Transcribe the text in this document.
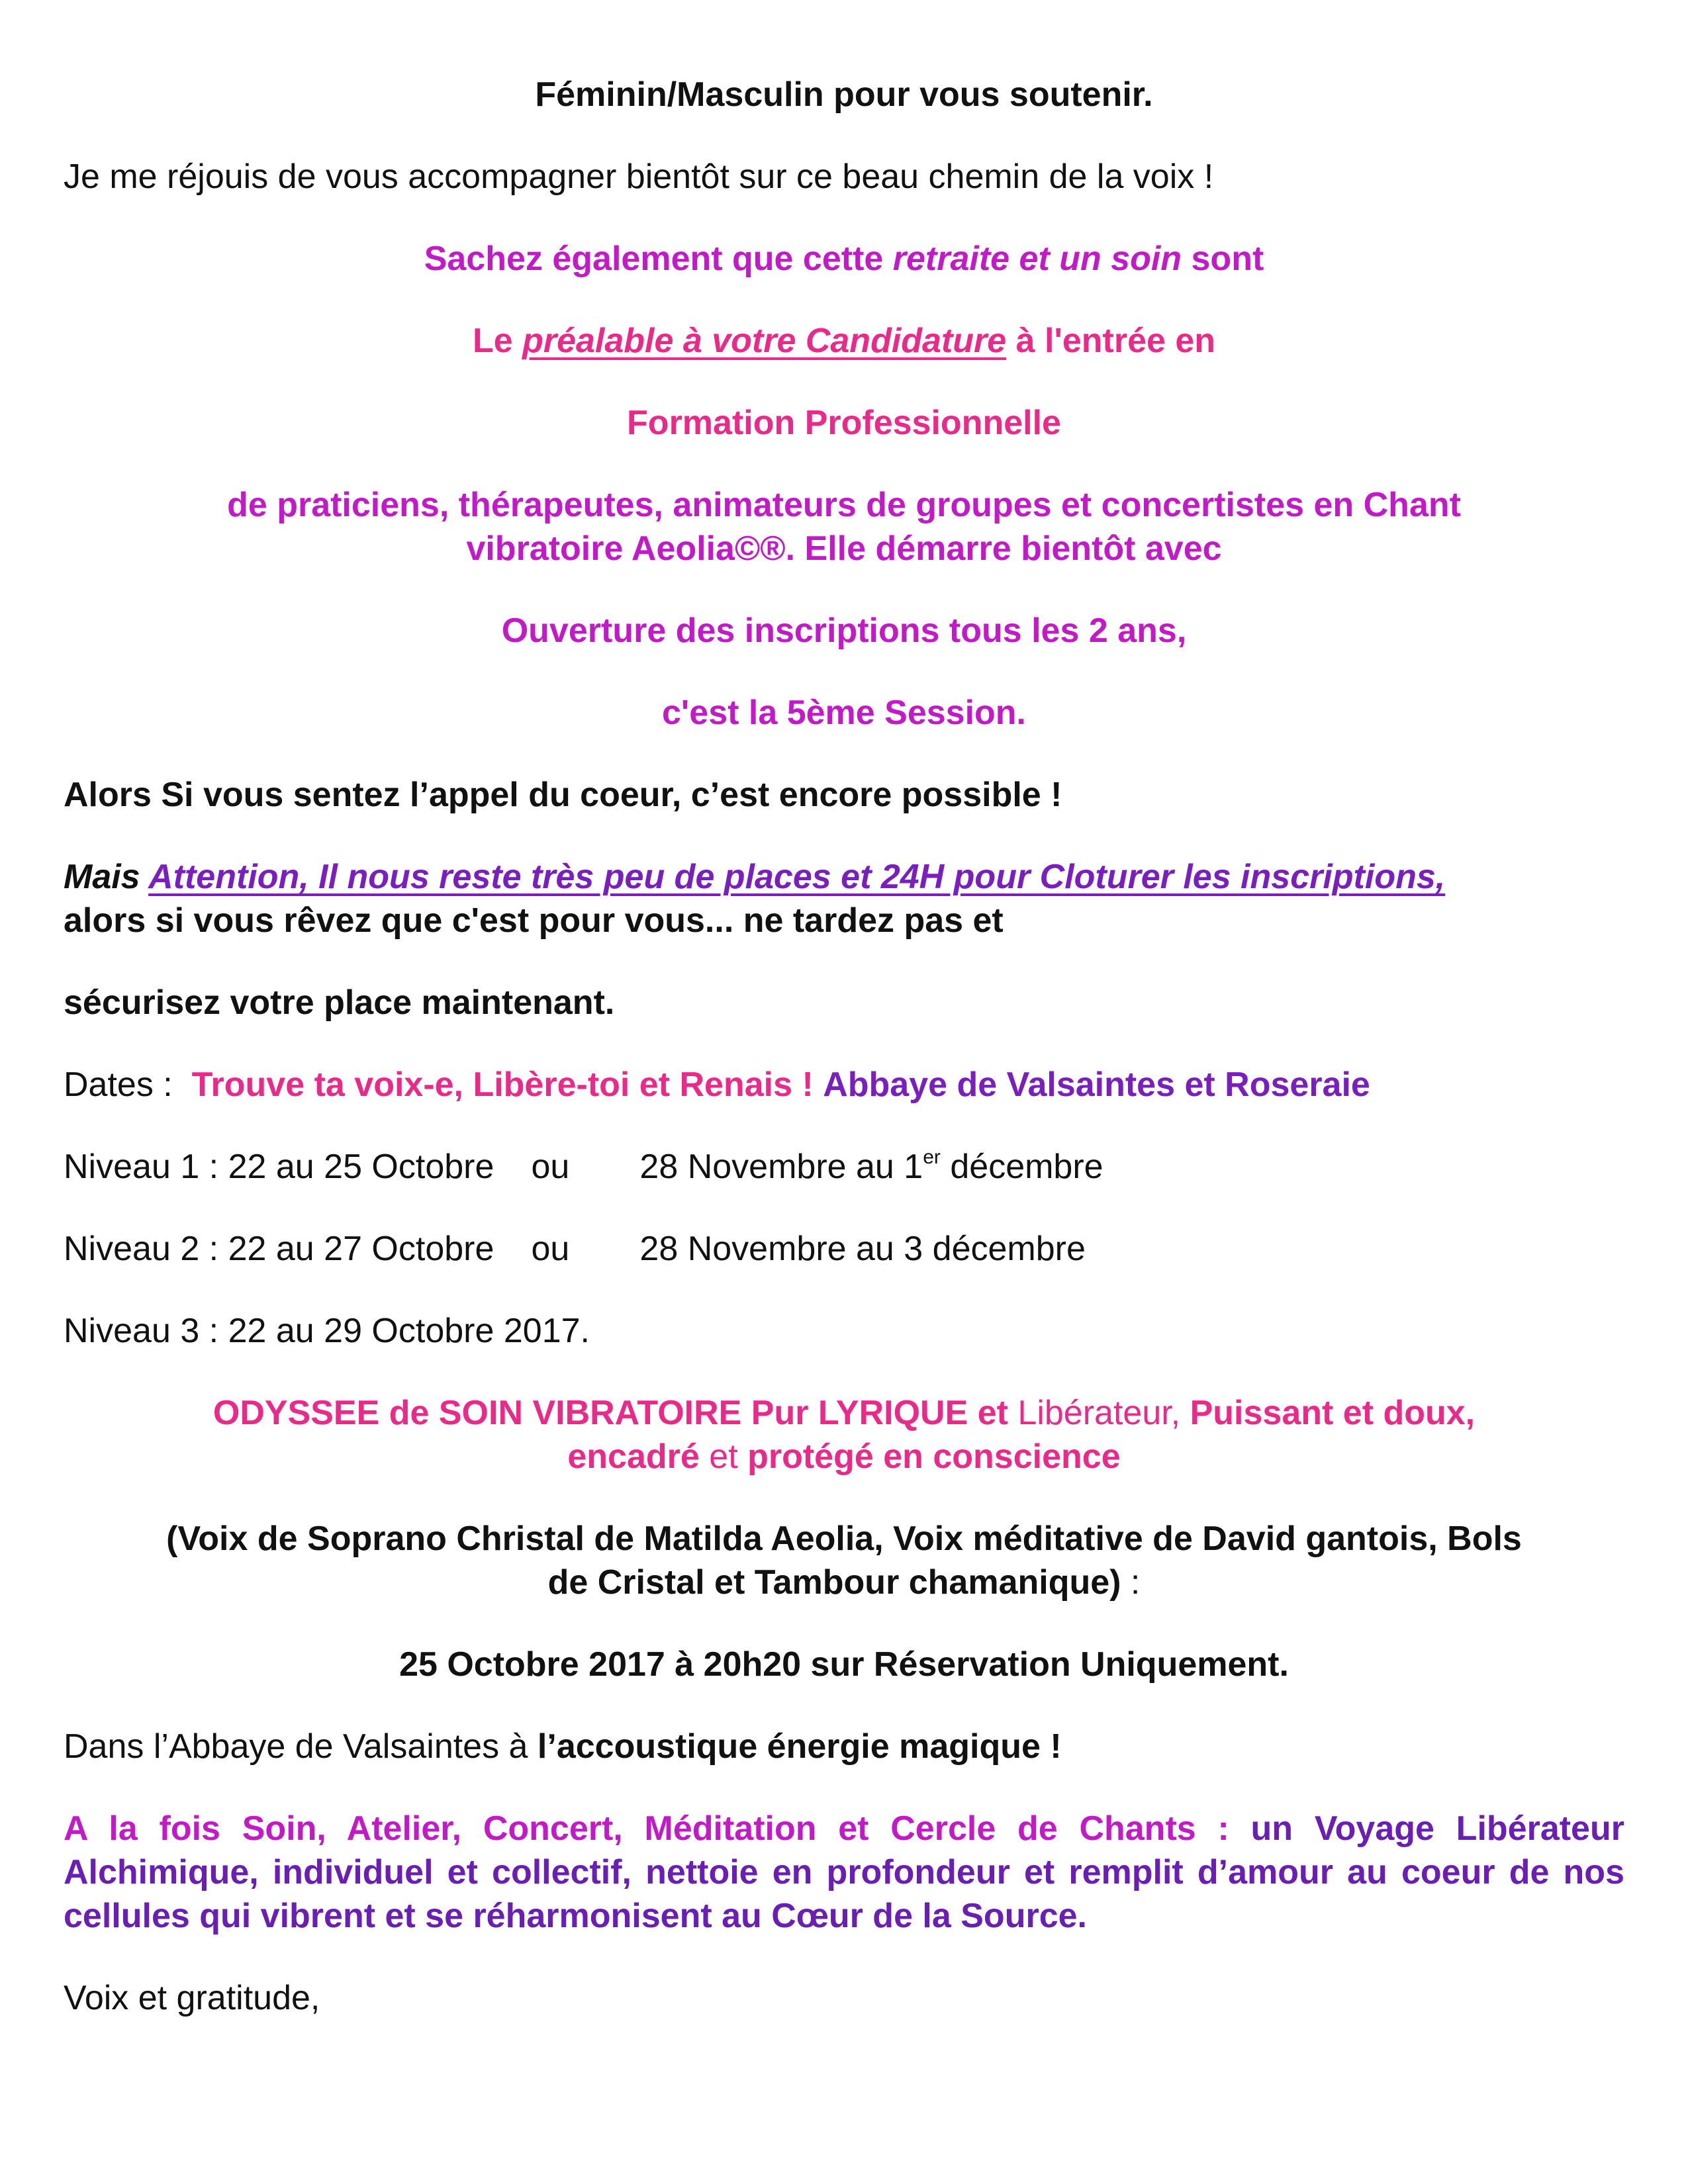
Féminin/Masculin pour vous soutenir.

Je me réjouis de vous accompagner bientôt sur ce beau chemin de la voix !

Sachez également que cette retraite et un soin sont

Le préalable à votre Candidature à l'entrée en

Formation Professionnelle

de praticiens, thérapeutes, animateurs de groupes et concertistes en Chant
vibratoire Aeolia©®. Elle démarre bientôt avec

Ouverture des inscriptions tous les 2 ans,

c'est la 5ème Session.

Alors Si vous sentez l’appel du coeur, c’est encore possible !

Mais Attention, Il nous reste très peu de places et 24H pour Cloturer les inscriptions,
alors si vous rêvez que c'est pour vous... ne tardez pas et

sécurisez votre place maintenant.

Dates : Trouve ta voix-e, Libère-toi et Renais ! Abbaye de Valsaintes et Roseraie

Niveau 1 : 22 au 25 Octobre ou 28 Novembre au 1er décembre

Niveau 2 : 22 au 27 Octobre ou 28 Novembre au 3 décembre

Niveau 3 : 22 au 29 Octobre 2017.

ODYSSEE de SOIN VIBRATOIRE Pur LYRIQUE et Libérateur, Puissant et doux,
encadré et protégé en conscience

(Voix de Soprano Christal de Matilda Aeolia, Voix méditative de David gantois, Bols
de Cristal et Tambour chamanique) :

25 Octobre 2017 à 20h20 sur Réservation Uniquement.

Dans l’Abbaye de Valsaintes à l’accoustique énergie magique !

A la fois Soin, Atelier, Concert, Méditation et Cercle de Chants : un Voyage Libérateur Alchimique, individuel et collectif, nettoie en profondeur et remplit d’amour au coeur de nos cellules qui vibrent et se réharmonisent au Cœur de la Source.

Voix et gratitude,
